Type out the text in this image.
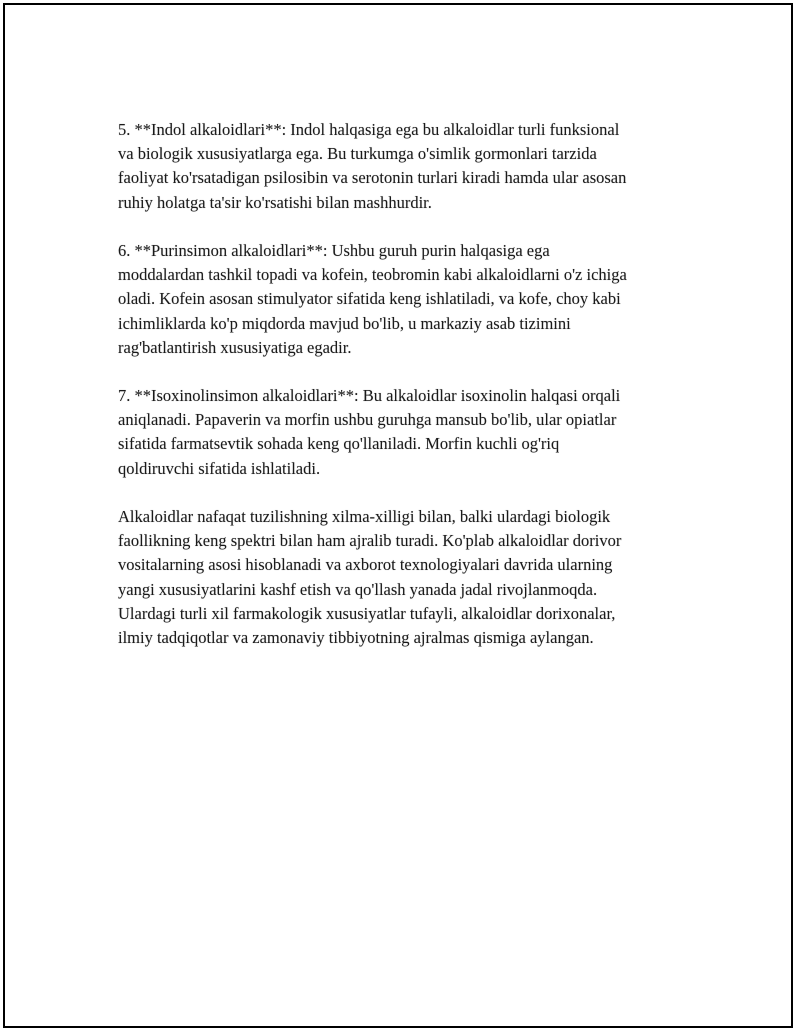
5. **Indol alkaloidlari**: Indol halqasiga ega bu alkaloidlar turli funksional
va biologik xususiyatlarga ega. Bu turkumga o'simlik gormonlari tarzida
faoliyat ko'rsatadigan psilosibin va serotonin turlari kiradi hamda ular asosan
ruhiy holatga ta'sir ko'rsatishi bilan mashhurdir.

6. **Purinsimon alkaloidlari**: Ushbu guruh purin halqasiga ega
moddalardan tashkil topadi va kofein, teobromin kabi alkaloidlarni o'z ichiga
oladi. Kofein asosan stimulyator sifatida keng ishlatiladi, va kofe, choy kabi
ichimliklarda ko'p miqdorda mavjud bo'lib, u markaziy asab tizimini
rag'batlantirish xususiyatiga egadir.

7. **Isoxinolinsimon alkaloidlari**: Bu alkaloidlar isoxinolin halqasi orqali
aniqlanadi. Papaverin va morfin ushbu guruhga mansub bo'lib, ular opiatlar
sifatida farmatsevtik sohada keng qo'llaniladi. Morfin kuchli og'riq
qoldiruvchi sifatida ishlatiladi.

Alkaloidlar nafaqat tuzilishning xilma-xilligi bilan, balki ulardagi biologik
faollikning keng spektri bilan ham ajralib turadi. Ko'plab alkaloidlar dorivor
vositalarning asosi hisoblanadi va axborot texnologiyalari davrida ularning
yangi xususiyatlarini kashf etish va qo'llash yanada jadal rivojlanmoqda.
Ulardagi turli xil farmakologik xususiyatlar tufayli, alkaloidlar dorixonalar,
ilmiy tadqiqotlar va zamonaviy tibbiyotning ajralmas qismiga aylangan.
